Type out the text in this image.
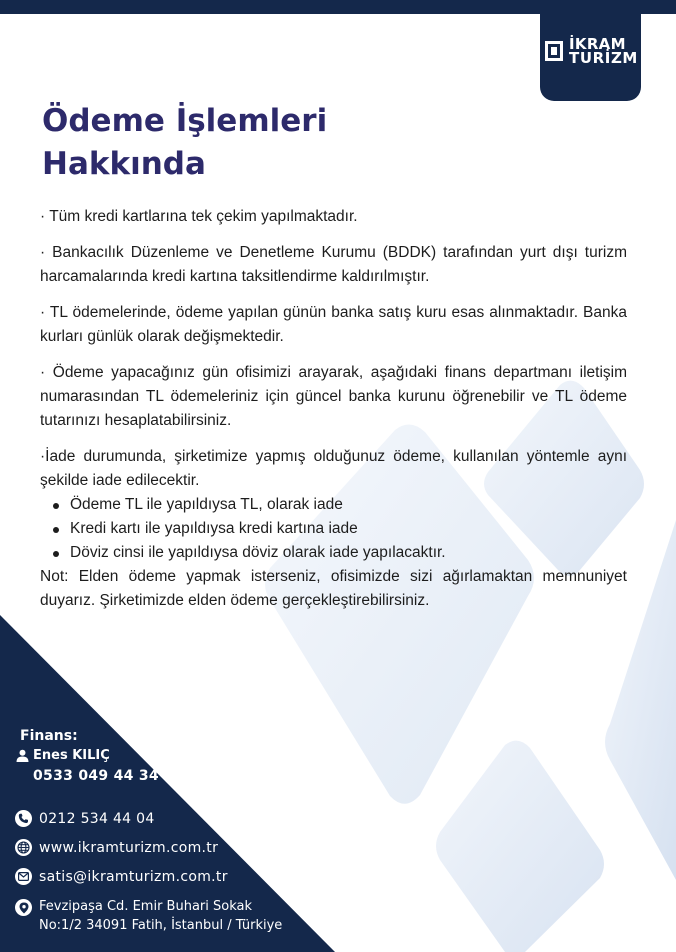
İKRAM
TURİZM
Ödeme İşlemleri
Hakkında

· Tüm kredi kartlarına tek çekim yapılmaktadır.

· Bankacılık Düzenleme ve Denetleme Kurumu (BDDK) tarafından yurt dışı turizm harcamalarında kredi kartına taksitlendirme kaldırılmıştır.

· TL ödemelerinde, ödeme yapılan günün banka satış kuru esas alınmaktadır. Banka kurları günlük olarak değişmektedir.

· Ödeme yapacağınız gün ofisimizi arayarak, aşağıdaki finans departmanı iletişim numarasından TL ödemeleriniz için güncel banka kurunu öğrenebilir ve TL ödeme tutarınızı hesaplatabilirsiniz.

·İade durumunda, şirketimize yapmış olduğunuz ödeme, kullanılan yöntemle aynı şekilde iade edilecektir.

Ödeme TL ile yapıldıysa TL, olarak iade
Kredi kartı ile yapıldıysa kredi kartına iade
Döviz cinsi ile yapıldıysa döviz olarak iade yapılacaktır.

Not: Elden ödeme yapmak isterseniz, ofisimizde sizi ağırlamaktan memnuniyet duyarız. Şirketimizde elden ödeme gerçekleştirebilirsiniz.

Finans:
Enes KILIÇ
0533 049 44 34
0212 534 44 04
www.ikramturizm.com.tr
satis@ikramturizm.com.tr
Fevzipaşa Cd. Emir Buhari Sokak
No:1/2 34091 Fatih, İstanbul / Türkiye
